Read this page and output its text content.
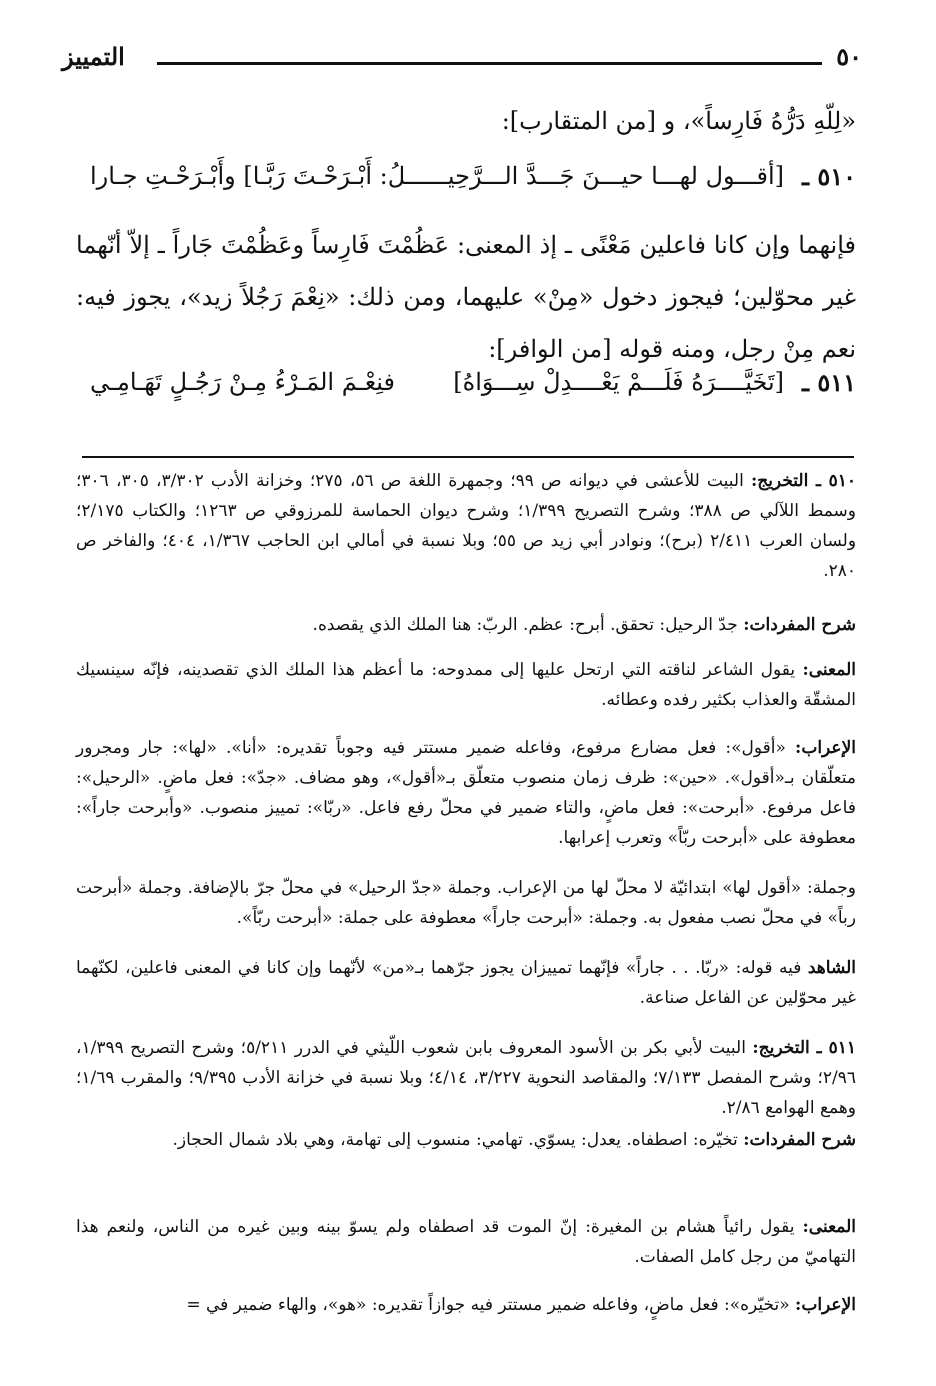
٥٠
التمييز

«لِلّهِ دَرُّهُ فَارِساً»، و [من المتقارب]:

٥١٠ ـ
[أقـــول لهـــا حيـــنَ جَـــدَّ الـــرَّحِيــــ
ــلُ: أَبْـرَحْـتَ رَبَّـا] وأَبْـرَحْـتِ جـارا

فإنهما وإن كانا فاعلين مَعْنًى ـ إذ المعنى: عَظُمْتَ فَارِساً وعَظُمْتَ جَاراً ـ إلاّ أنّهما غير محوّلين؛ فيجوز دخول «مِنْ» عليهما، ومن ذلك: «نِعْمَ رَجُلاً زيد»، يجوز فيه: نعم مِنْ رجل، ومنه قوله [من الوافر]:

٥١١ ـ
[تَخَيَّــــرَهُ فَلَـــمْ يَعْــــدِلْ سِـــوَاهُ]
فنِعْـمَ المَـرْءُ مِـنْ رَجُـلٍ تَهَـامِـي

٥١٠ ـ التخريج: البيت للأعشى في ديوانه ص ٩٩؛ وجمهرة اللغة ص ٥٦، ٢٧٥؛ وخزانة الأدب ٣/٣٠٢، ٣٠٥، ٣٠٦؛ وسمط اللآلي ص ٣٨٨؛ وشرح التصريح ١/٣٩٩؛ وشرح ديوان الحماسة للمرزوقي ص ١٢٦٣؛ والكتاب ٢/١٧٥؛ ولسان العرب ٢/٤١١ (برح)؛ ونوادر أبي زيد ص ٥٥؛ وبلا نسبة في أمالي ابن الحاجب ١/٣٦٧، ٤٠٤؛ والفاخر ص ٢٨٠.

شرح المفردات: جدّ الرحيل: تحقق. أبرح: عظم. الربّ: هنا الملك الذي يقصده.

المعنى: يقول الشاعر لناقته التي ارتحل عليها إلى ممدوحه: ما أعظم هذا الملك الذي تقصدينه، فإنّه سينسيك المشقّة والعذاب بكثير رفده وعطائه.

الإعراب: «أقول»: فعل مضارع مرفوع، وفاعله ضمير مستتر فيه وجوباً تقديره: «أنا». «لها»: جار ومجرور متعلّقان بـ«أقول». «حين»: ظرف زمان منصوب متعلّق بـ«أقول»، وهو مضاف. «جدّ»: فعل ماضٍ. «الرحيل»: فاعل مرفوع. «أبرحت»: فعل ماضٍ، والتاء ضمير في محلّ رفع فاعل. «ربّا»: تمييز منصوب. «وأبرحت جاراً»: معطوفة على «أبرحت ربّاً» وتعرب إعرابها.

وجملة: «أقول لها» ابتدائيّة لا محلّ لها من الإعراب. وجملة «جدّ الرحيل» في محلّ جرّ بالإضافة. وجملة «أبرحت رباً» في محلّ نصب مفعول به. وجملة: «أبرحت جاراً» معطوفة على جملة: «أبرحت ربّاً».

الشاهد فيه قوله: «ربّا. . . جاراً» فإنّهما تمييزان يجوز جرّهما بـ«من» لأنّهما وإن كانا في المعنى فاعلين، لكنّهما غير محوّلين عن الفاعل صناعة.

٥١١ ـ التخريج: البيت لأبي بكر بن الأسود المعروف بابن شعوب اللّيثي في الدرر ٥/٢١١؛ وشرح التصريح ١/٣٩٩، ٢/٩٦؛ وشرح المفصل ٧/١٣٣؛ والمقاصد النحوية ٣/٢٢٧، ٤/١٤؛ وبلا نسبة في خزانة الأدب ٩/٣٩٥؛ والمقرب ١/٦٩؛ وهمع الهوامع ٢/٨٦.

شرح المفردات: تخيّره: اصطفاه. يعدل: يسوّي. تهامي: منسوب إلى تهامة، وهي بلاد شمال الحجاز.

المعنى: يقول رائياً هشام بن المغيرة: إنّ الموت قد اصطفاه ولم يسوّ بينه وبين غيره من الناس، ولنعم هذا التهاميّ من رجل كامل الصفات.

الإعراب: «تخيّره»: فعل ماضٍ، وفاعله ضمير مستتر فيه جوازاً تقديره: «هو»، والهاء ضمير في =
